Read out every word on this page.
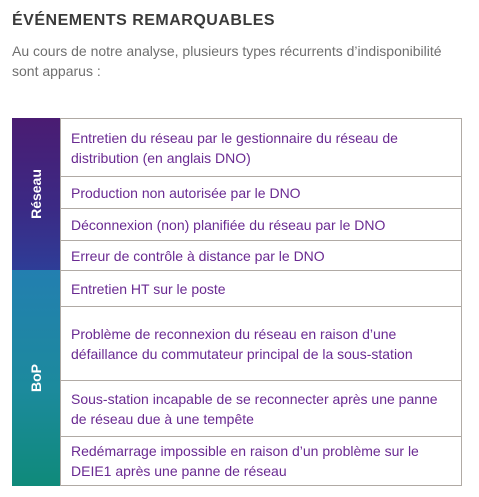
ÉVÉNEMENTS REMARQUABLES
Au cours de notre analyse, plusieurs types récurrents d’indisponibilité sont apparus :
Réseau
BoP
Entretien du réseau par le gestionnaire du réseau de distribution (en anglais DNO)
Production non autorisée par le DNO
Déconnexion (non) planifiée du réseau par le DNO
Erreur de contrôle à distance par le DNO
Entretien HT sur le poste
Problème de reconnexion du réseau en raison d’une défaillance du commutateur principal de la sous-station
Sous-station incapable de se reconnecter après une panne de réseau due à une tempête
Redémarrage impossible en raison d’un problème sur le DEIE1 après une panne de réseau
